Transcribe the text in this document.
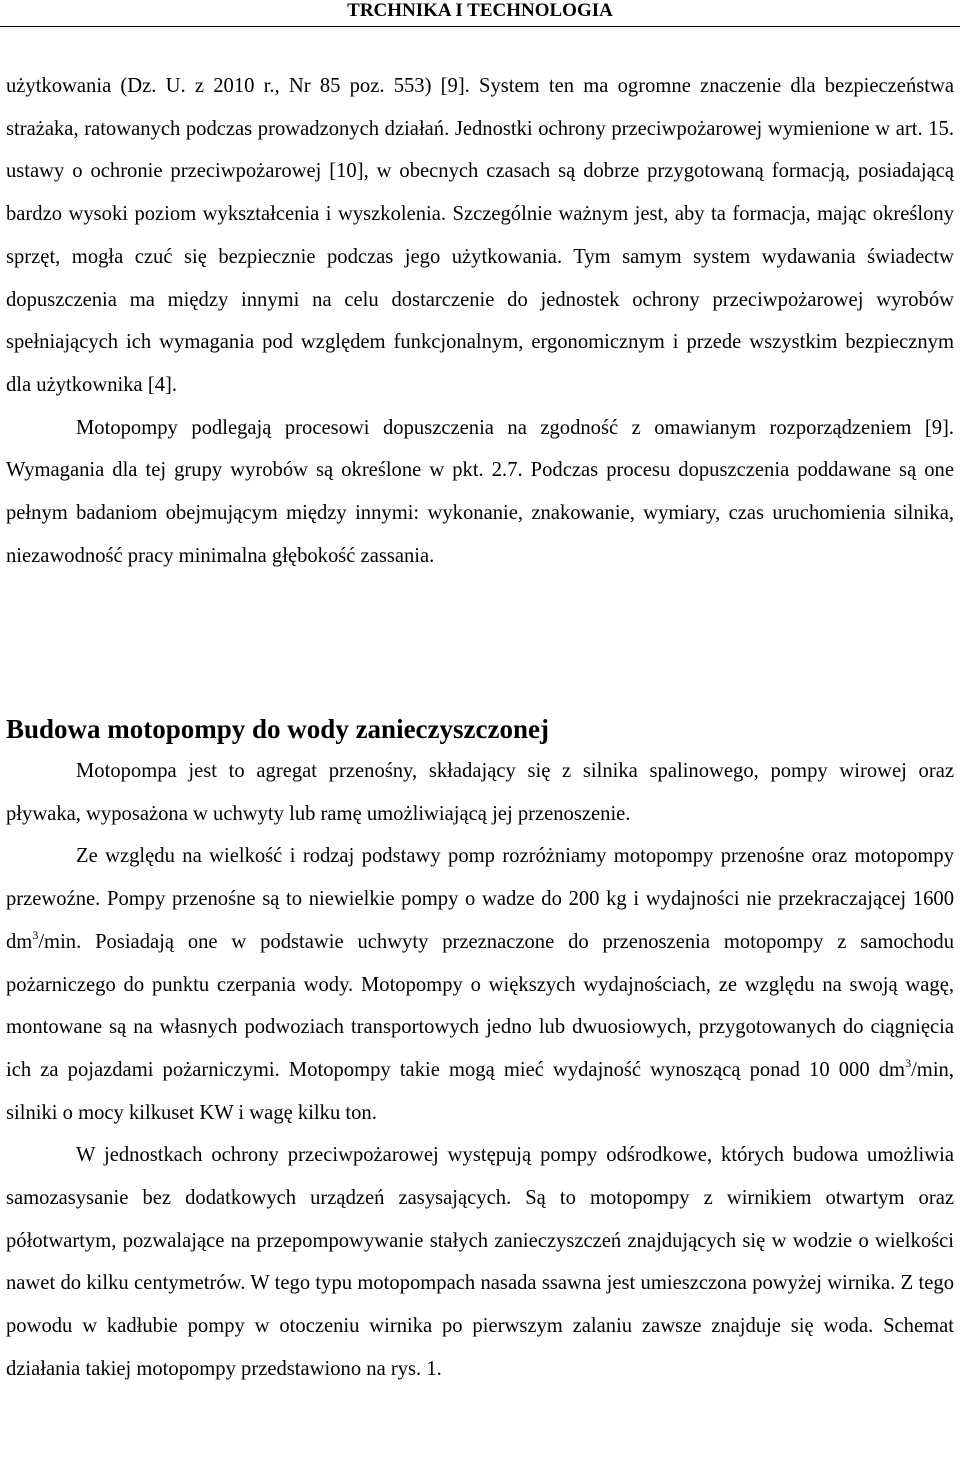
TRCHNIKA I TECHNOLOGIA

użytkowania (Dz. U. z 2010 r., Nr 85 poz. 553) [9]. System ten ma ogromne znaczenie dla bezpieczeństwa strażaka, ratowanych podczas prowadzonych działań. Jednostki ochrony przeciwpożarowej wymienione w art. 15. ustawy o ochronie przeciwpożarowej [10], w obecnych czasach są dobrze przygotowaną formacją, posiadającą bardzo wysoki poziom wykształcenia i wyszkolenia. Szczególnie ważnym jest, aby ta formacja, mając określony sprzęt, mogła czuć się bezpiecznie podczas jego użytkowania. Tym samym system wydawania świadectw dopuszczenia ma między innymi na celu dostarczenie do jednostek ochrony przeciwpożarowej wyrobów spełniających ich wymagania pod względem funkcjonalnym, ergonomicznym i przede wszystkim bezpiecznym dla użytkownika [4].

Motopompy podlegają procesowi dopuszczenia na zgodność z omawianym rozporządzeniem [9]. Wymagania dla tej grupy wyrobów są określone w pkt. 2.7. Podczas procesu dopuszczenia poddawane są one pełnym badaniom obejmującym między innymi: wykonanie, znakowanie, wymiary, czas uruchomienia silnika, niezawodność pracy minimalna głębokość zassania.

Budowa motopompy do wody zanieczyszczonej

Motopompa jest to agregat przenośny, składający się z silnika spalinowego, pompy wirowej oraz pływaka, wyposażona w uchwyty lub ramę umożliwiającą jej przenoszenie.

Ze względu na wielkość i rodzaj podstawy pomp rozróżniamy motopompy przenośne oraz motopompy przewoźne. Pompy przenośne są to niewielkie pompy o wadze do 200 kg i wydajności nie przekraczającej 1600 $dm^3/\min$. Posiadają one w podstawie uchwyty przeznaczone do przenoszenia motopompy z samochodu pożarniczego do punktu czerpania wody. Motopompy o większych wydajnościach, ze względu na swoją wagę, montowane są na własnych podwoziach transportowych jedno lub dwuosiowych, przygotowanych do ciągnięcia ich za pojazdami pożarniczymi. Motopompy takie mogą mieć wydajność wynoszącą ponad 10 000 $dm^3/\min$, silniki o mocy kilkuset KW i wagę kilku ton.

W jednostkach ochrony przeciwpożarowej występują pompy odśrodkowe, których budowa umożliwia samozasysanie bez dodatkowych urządzeń zasysających. Są to motopompy z wirnikiem otwartym oraz półotwartym, pozwalające na przepompowywanie stałych zanieczyszczeń znajdujących się w wodzie o wielkości nawet do kilku centymetrów. W tego typu motopompach nasada ssawna jest umieszczona powyżej wirnika. Z tego powodu w kadłubie pompy w otoczeniu wirnika po pierwszym zalaniu zawsze znajduje się woda. Schemat działania takiej motopompy przedstawiono na rys. 1.
